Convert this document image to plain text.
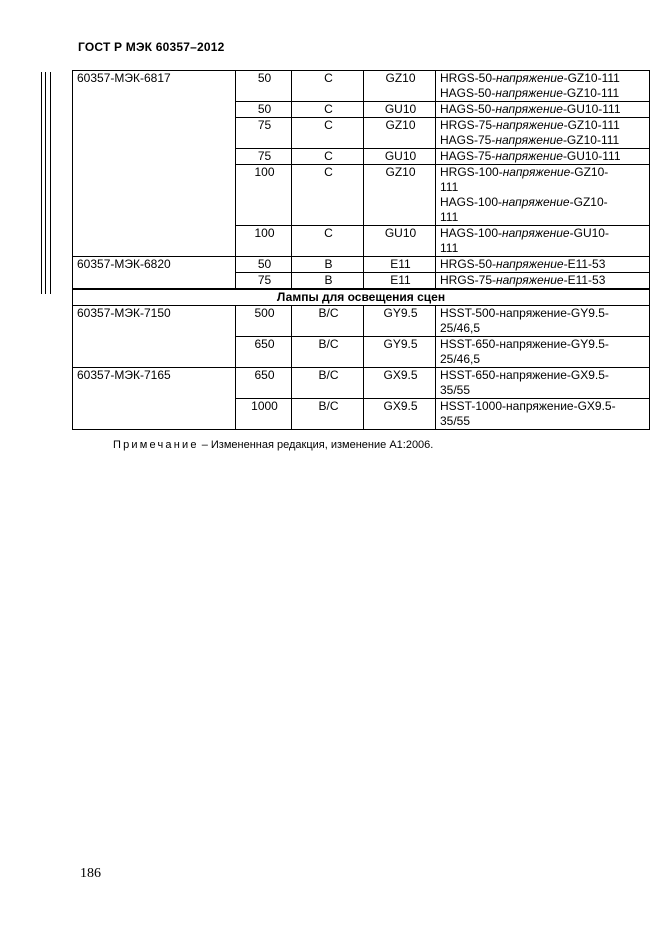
ГОСТ Р МЭК 60357–2012
60357-МЭК-6817	50	C	GZ10	HRGS-50-напряжение-GZ10-111
HAGS-50-напряжение-GZ10-111

	50	C	GU10	HAGS-50-напряжение-GU10-111

	75	C	GZ10	HRGS-75-напряжение-GZ10-111
HAGS-75-напряжение-GZ10-111

	75	C	GU10	HAGS-75-напряжение-GU10-111

	100	C	GZ10	HRGS-100-напряжение-GZ10-
111
HAGS-100-напряжение-GZ10-
111

	100	C	GU10	HAGS-100-напряжение-GU10-
111

60357-МЭК-6820	50	B	E11	HRGS-50-напряжение-E11-53

	75	B	E11	HRGS-75-напряжение-E11-53

Лампы для освещения сцен				
60357-МЭК-7150	500	B/C	GY9.5	HSST-500-напряжение-GY9.5-
25/46,5

	650	B/C	GY9.5	HSST-650-напряжение-GY9.5-
25/46,5

60357-МЭК-7165	650	B/C	GX9.5	HSST-650-напряжение-GX9.5-
35/55

	1000	B/C	GX9.5	HSST-1000-напряжение-GX9.5-
35/55
Примечание – Измененная редакция, изменение А1:2006.
186
